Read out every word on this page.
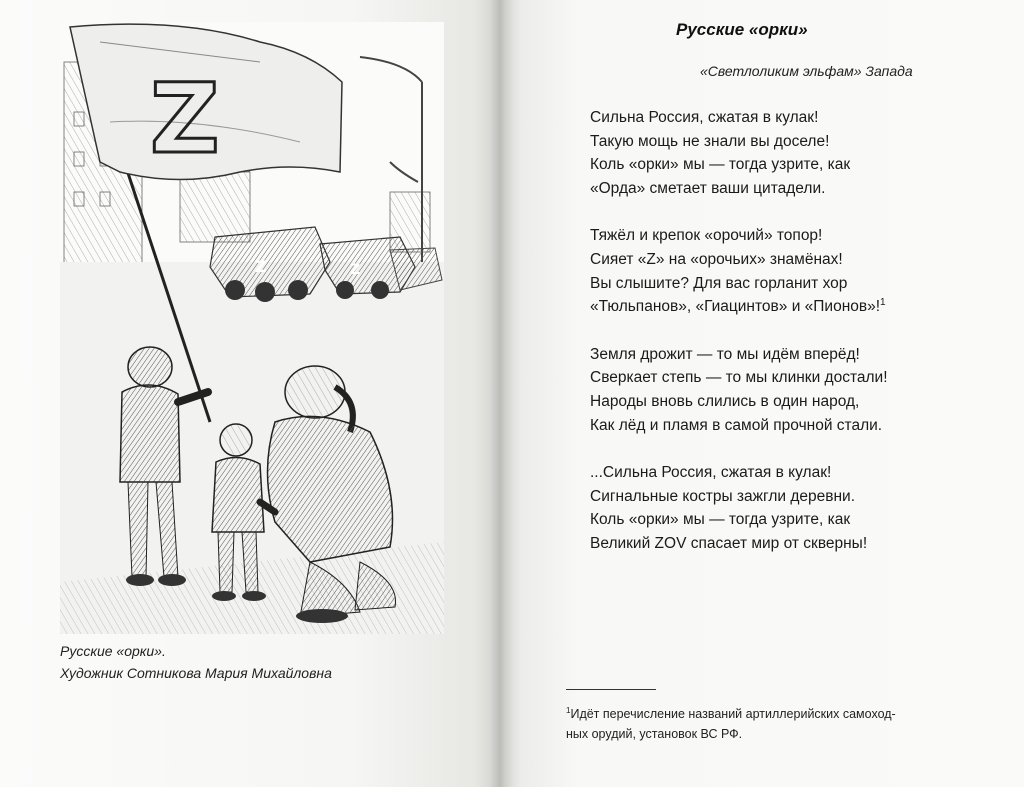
Z	Z
Z
Русские «орки».
Художник Сотникова Мария Михайловна
Русские «орки»
«Светлоликим эльфам» Запада
Сильна Россия, сжатая в кулак!
Такую мощь не знали вы доселе!
Коль «орки» мы — тогда узрите, как
«Орда» сметает ваши цитадели.
Тяжёл и крепок «орочий» топор!
Сияет «Z» на «орочьих» знамёнах!
Вы слышите? Для вас горланит хор
«Тюльпанов», «Гиацинтов» и «Пионов»!$^1$
Земля дрожит — то мы идём вперёд!
Сверкает степь — то мы клинки достали!
Народы вновь слились в один народ,
Как лёд и пламя в самой прочной стали.
...Сильна Россия, сжатая в кулак!
Сигнальные костры зажгли деревни.
Коль «орки» мы — тогда узрите, как
Великий ZOV спасает мир от скверны!
$^1$Идёт перечисление названий артиллерийских самоход-
ных орудий, установок ВС РФ.
